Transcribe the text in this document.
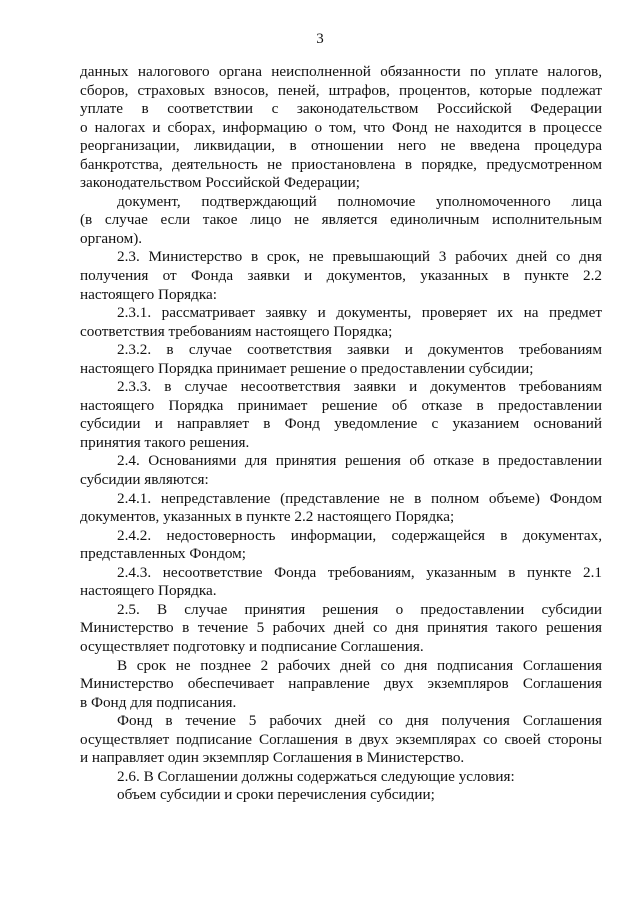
3
данных налогового органа неисполненной обязанности по уплате налогов,
сборов, страховых взносов, пеней, штрафов, процентов, которые подлежат
уплате в соответствии с законодательством Российской Федерации
о налогах и сборах, информацию о том, что Фонд не находится в процессе
реорганизации, ликвидации, в отношении него не введена процедура
банкротства, деятельность не приостановлена в порядке, предусмотренном
законодательством Российской Федерации;
документ, подтверждающий полномочие уполномоченного лица
(в случае если такое лицо не является единоличным исполнительным
органом).
2.3. Министерство в срок, не превышающий 3 рабочих дней со дня
получения от Фонда заявки и документов, указанных в пункте 2.2
настоящего Порядка:
2.3.1. рассматривает заявку и документы, проверяет их на предмет
соответствия требованиям настоящего Порядка;
2.3.2. в случае соответствия заявки и документов требованиям
настоящего Порядка принимает решение о предоставлении субсидии;
2.3.3. в случае несоответствия заявки и документов требованиям
настоящего Порядка принимает решение об отказе в предоставлении
субсидии и направляет в Фонд уведомление с указанием оснований
принятия такого решения.
2.4. Основаниями для принятия решения об отказе в предоставлении
субсидии являются:
2.4.1. непредставление (представление не в полном объеме) Фондом
документов, указанных в пункте 2.2 настоящего Порядка;
2.4.2. недостоверность информации, содержащейся в документах,
представленных Фондом;
2.4.3. несоответствие Фонда требованиям, указанным в пункте 2.1
настоящего Порядка.
2.5. В случае принятия решения о предоставлении субсидии
Министерство в течение 5 рабочих дней со дня принятия такого решения
осуществляет подготовку и подписание Соглашения.
В срок не позднее 2 рабочих дней со дня подписания Соглашения
Министерство обеспечивает направление двух экземпляров Соглашения
в Фонд для подписания.
Фонд в течение 5 рабочих дней со дня получения Соглашения
осуществляет подписание Соглашения в двух экземплярах со своей стороны
и направляет один экземпляр Соглашения в Министерство.
2.6. В Соглашении должны содержаться следующие условия:
объем субсидии и сроки перечисления субсидии;
